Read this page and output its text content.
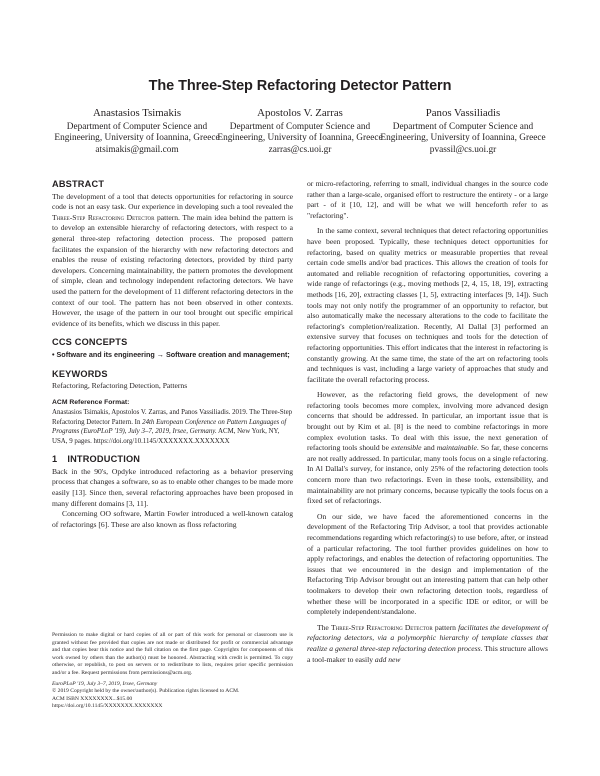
The Three-Step Refactoring Detector Pattern
Anastasios Tsimakis
Department of Computer Science and Engineering, University of Ioannina, Greece
atsimakis@gmail.com
Apostolos V. Zarras
Department of Computer Science and Engineering, University of Ioannina, Greece
zarras@cs.uoi.gr
Panos Vassiliadis
Department of Computer Science and Engineering, University of Ioannina, Greece
pvassil@cs.uoi.gr
ABSTRACT

The development of a tool that detects opportunities for refactoring in source code is not an easy task. Our experience in developing such a tool revealed the Three-Step Refactoring Detector pattern. The main idea behind the pattern is to develop an extensible hierarchy of refactoring detectors, with respect to a general three-step refactoring detection process. The proposed pattern facilitates the expansion of the hierarchy with new refactoring detectors and enables the reuse of existing refactoring detectors, provided by third party developers. Concerning maintainability, the pattern promotes the development of simple, clean and technology independent refactoring detectors. We have used the pattern for the development of 11 different refactoring detectors in the context of our tool. The pattern has not been observed in other contexts. However, the usage of the pattern in our tool brought out specific empirical evidence of its benefits, which we discuss in this paper.

CCS CONCEPTS

• Software and its engineering → Software creation and management;

KEYWORDS

Refactoring, Refactoring Detection, Patterns

ACM Reference Format:

Anastasios Tsimakis, Apostolos V. Zarras, and Panos Vassiliadis. 2019. The Three-Step Refactoring Detector Pattern. In 24th European Conference on Pattern Languages of Programs (EuroPLoP '19), July 3–7, 2019, Irsee, Germany. ACM, New York, NY, USA, 9 pages. https://doi.org/10.1145/XXXXXXX.XXXXXXX

1 INTRODUCTION

Back in the 90's, Opdyke introduced refactoring as a behavior preserving process that changes a software, so as to enable other changes to be made more easily [13]. Since then, several refactoring approaches have been proposed in many different domains [3, 11].

Concerning OO software, Martin Fowler introduced a well-known catalog of refactorings [6]. These are also known as floss refactoring

Permission to make digital or hard copies of all or part of this work for personal or classroom use is granted without fee provided that copies are not made or distributed for profit or commercial advantage and that copies bear this notice and the full citation on the first page. Copyrights for components of this work owned by others than the author(s) must be honored. Abstracting with credit is permitted. To copy otherwise, or republish, to post on servers or to redistribute to lists, requires prior specific permission and/or a fee. Request permissions from permissions@acm.org.
EuroPLoP '19, July 3–7, 2019, Irsee, Germany
© 2019 Copyright held by the owner/author(s). Publication rights licensed to ACM.
ACM ISBN XXXXXXXX...$15.00
https://doi.org/10.1145/XXXXXXX.XXXXXXX

or micro-refactoring, referring to small, individual changes in the source code rather than a large-scale, organised effort to restructure the entirety - or a large part - of it [10, 12], and will be what we will henceforth refer to as "refactoring".

In the same context, several techniques that detect refactoring opportunities have been proposed. Typically, these techniques detect opportunities for refactoring, based on quality metrics or measurable properties that reveal certain code smells and/or bad practices. This allows the creation of tools for automated and reliable recognition of refactoring opportunities, covering a wide range of refactorings (e.g., moving methods [2, 4, 15, 18, 19], extracting methods [16, 20], extracting classes [1, 5], extracting interfaces [9, 14]). Such tools may not only notify the programmer of an opportunity to refactor, but also automatically make the necessary alterations to the code to facilitate the refactoring's completion/realization. Recently, Al Dallal [3] performed an extensive survey that focuses on techniques and tools for the detection of refactoring opportunities. This effort indicates that the interest in refactoring is constantly growing. At the same time, the state of the art on refactoring tools and techniques is vast, including a large variety of approaches that study and facilitate the overall refactoring process.

However, as the refactoring field grows, the development of new refactoring tools becomes more complex, involving more advanced design concerns that should be addressed. In particular, an important issue that is brought out by Kim et al. [8] is the need to combine refactorings in more complex evolution tasks. To deal with this issue, the next generation of refactoring tools should be extensible and maintainable. So far, these concerns are not really addressed. In particular, many tools focus on a single refactoring. In Al Dallal's survey, for instance, only 25% of the refactoring detection tools concern more than two refactorings. Even in these tools, extensibility, and maintainability are not primary concerns, because typically the tools focus on a fixed set of refactorings.

On our side, we have faced the aforementioned concerns in the development of the Refactoring Trip Advisor, a tool that provides actionable recommendations regarding which refactoring(s) to use before, after, or instead of a particular refactoring. The tool further provides guidelines on how to apply refactorings, and enables the detection of refactoring opportunities. The issues that we encountered in the design and implementation of the Refactoring Trip Advisor brought out an interesting pattern that can help other toolmakers to develop their own refactoring detection tools, regardless of whether these will be incorporated in a specific IDE or editor, or will be completely independent/standalone.

The Three-Step Refactoring Detector pattern facilitates the development of refactoring detectors, via a polymorphic hierarchy of template classes that realize a general three-step refactoring detection process. This structure allows a tool-maker to easily add new
